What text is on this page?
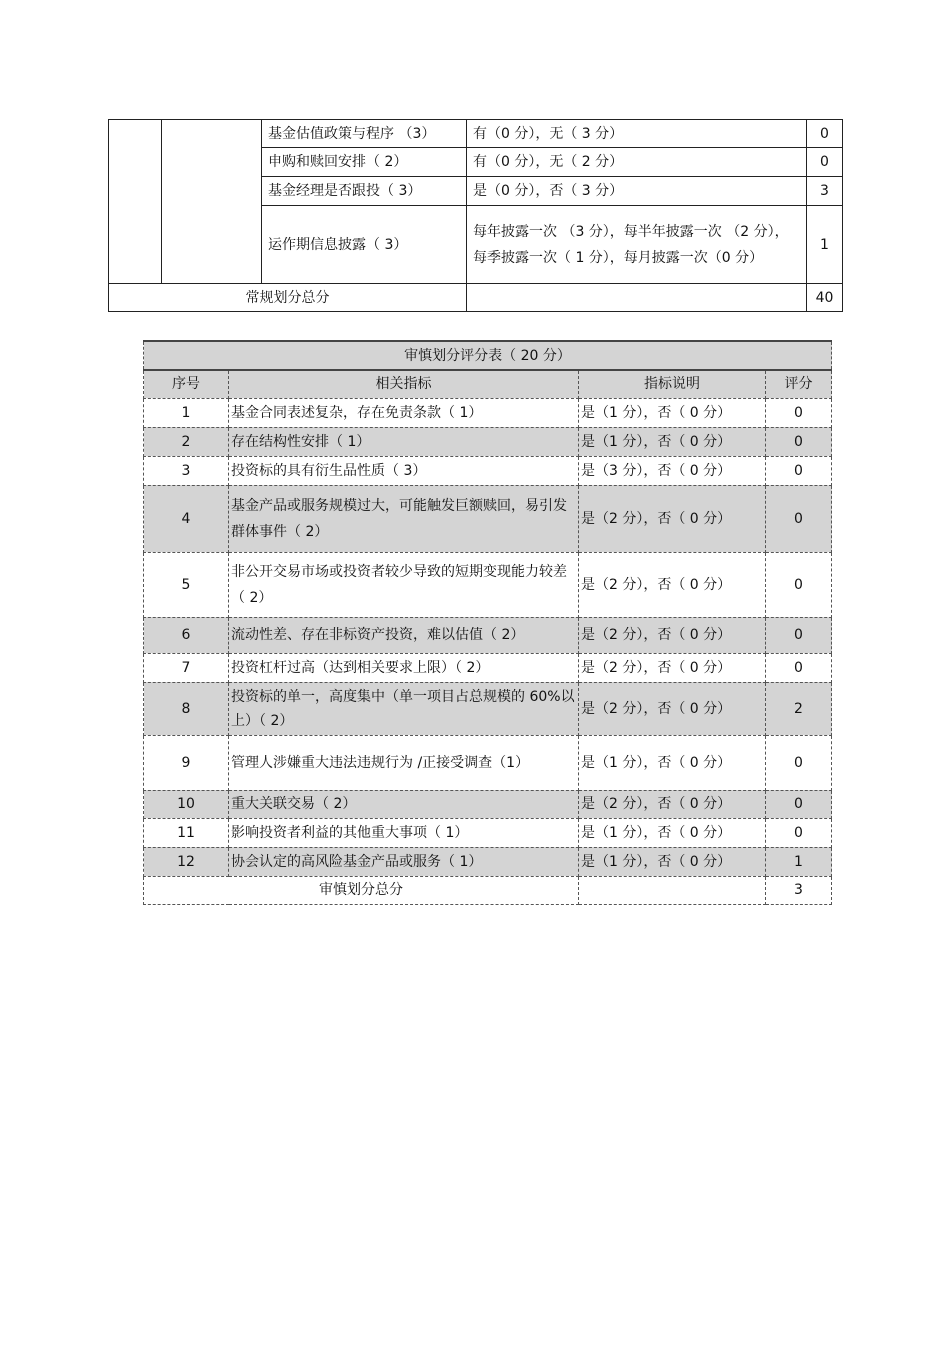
		基金估值政策与程序 （3）	有（0 分），无（ 3 分）	0
		申购和赎回安排（ 2）	有（0 分），无（ 2 分）	0
		基金经理是否跟投（ 3）	是（0 分），否（ 3 分）	3
		运作期信息披露（ 3）	每年披露一次 （3 分），每半年披露一次 （2 分），每季披露一次（ 1 分），每月披露一次（0 分）	1
常规划分总分				40
审慎划分评分表（ 20 分）			
序号	相关指标	指标说明	评分
1	基金合同表述复杂，存在免责条款（ 1）	是（1 分），否（ 0 分）	0
2	存在结构性安排（ 1）	是（1 分），否（ 0 分）	0
3	投资标的具有衍生品性质（ 3）	是（3 分），否（ 0 分）	0
4	基金产品或服务规模过大，可能触发巨额赎回，易引发群体事件（ 2）	是（2 分），否（ 0 分）	0
5	非公开交易市场或投资者较少导致的短期变现能力较差（ 2）	是（2 分），否（ 0 分）	0
6	流动性差、存在非标资产投资，难以估值（ 2）	是（2 分），否（ 0 分）	0
7	投资杠杆过高（达到相关要求上限）（ 2）	是（2 分），否（ 0 分）	0
8	投资标的单一，高度集中（单一项目占总规模的 60%以上）（ 2）	是（2 分），否（ 0 分）	2
9	管理人涉嫌重大违法违规行为 /正接受调查（1）	是（1 分），否（ 0 分）	0
10	重大关联交易（ 2）	是（2 分），否（ 0 分）	0
11	影响投资者利益的其他重大事项（ 1）	是（1 分），否（ 0 分）	0
12	协会认定的高风险基金产品或服务（ 1）	是（1 分），否（ 0 分）	1
审慎划分总分			3
